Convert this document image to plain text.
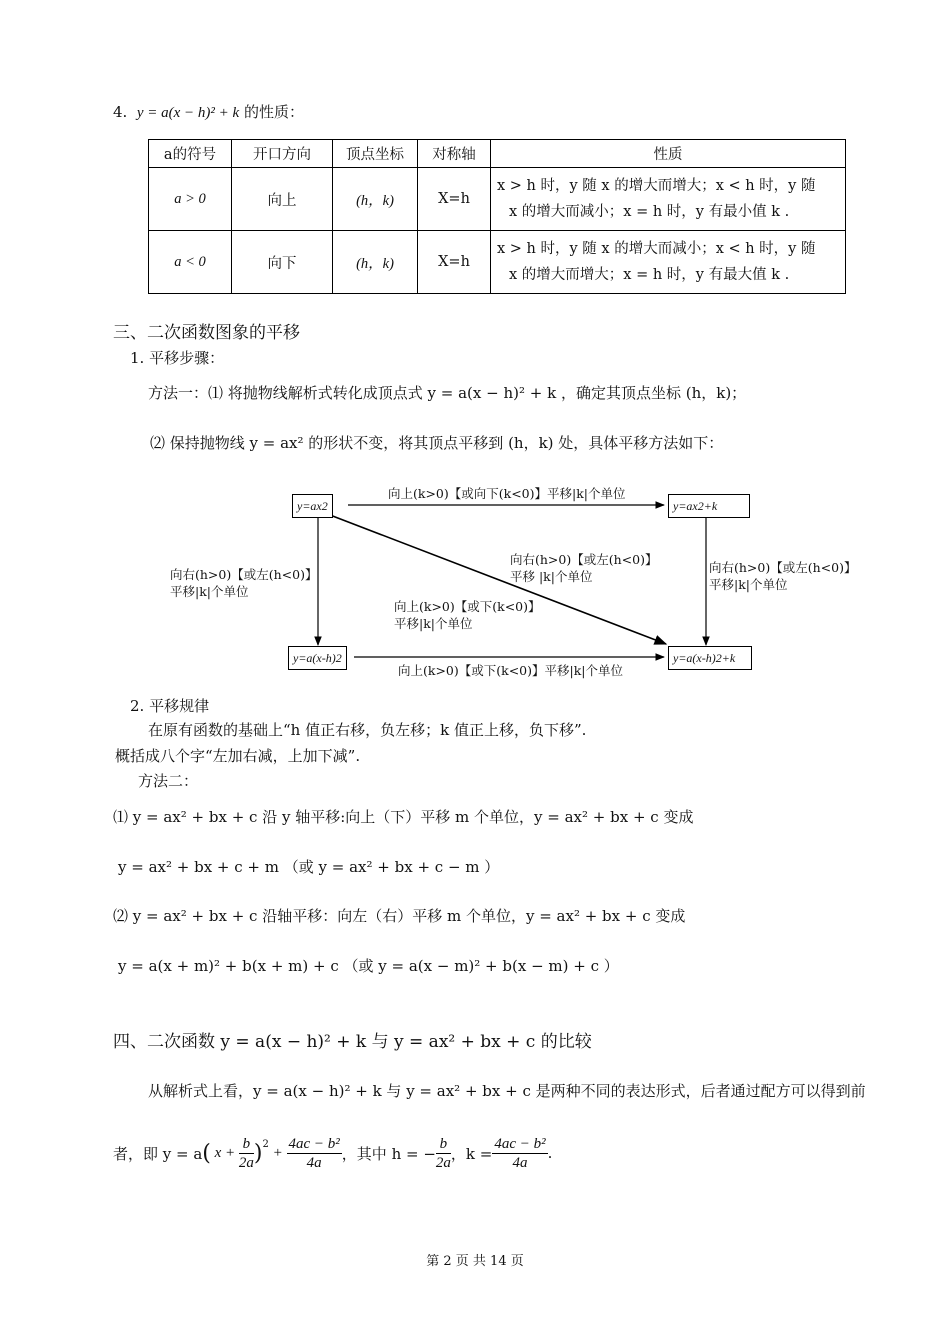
4. y = a(x − h)² + k 的性质：
a的符号	开口方向	顶点坐标	对称轴	性质
a > 0	向上	(h，k)	X=h	x > h 时，y 随 x 的增大而增大；x < h 时，y 随
x 的增大而减小；x = h 时，y 有最小值 k .

a < 0	向下	(h，k)	X=h	x > h 时，y 随 x 的增大而减小；x < h 时，y 随
x 的增大而增大；x = h 时，y 有最大值 k .
三、二次函数图象的平移
1. 平移步骤：
方法一：⑴ 将抛物线解析式转化成顶点式 y = a(x − h)² + k ，确定其顶点坐标 (h，k)；
⑵ 保持抛物线 y = ax² 的形状不变，将其顶点平移到 (h，k) 处，具体平移方法如下：
y=ax2	y=ax2+k
y=a(x-h)2	y=a(x-h)2+k
向上(k>0)【或向下(k<0)】平移|k|个单位
向右(h>0)【或左(h<0)】
平移|k|个单位
向右(h>0)【或左(h<0)】
平移|k|个单位
向右(h>0)【或左(h<0)】
平移 |k|个单位
向上(k>0)【或下(k<0)】
平移|k|个单位
向上(k>0)【或下(k<0)】平移|k|个单位
2. 平移规律
在原有函数的基础上“h 值正右移，负左移；k 值正上移，负下移”.
概括成八个字“左加右减，上加下减”.
方法二：
⑴ y = ax² + bx + c 沿 y 轴平移:向上（下）平移 m 个单位，y = ax² + bx + c 变成
y = ax² + bx + c + m （或 y = ax² + bx + c − m ）
⑵ y = ax² + bx + c 沿轴平移：向左（右）平移 m 个单位，y = ax² + bx + c 变成
y = a(x + m)² + b(x + m) + c （或 y = a(x − m)² + b(x − m) + c ）
四、二次函数 y = a(x − h)² + k 与 y = ax² + bx + c 的比较
从解析式上看，y = a(x − h)² + k 与 y = ax² + bx + c 是两种不同的表达形式，后者通过配方可以得到前
者，即 y = a ( $x + \frac{b}{2a}$ ) 2
+ $\frac{\text{4ac − b²}}{4a}$ ，其中 h = − $\frac{b}{2a}$ ，$k = \frac{\text{4ac − b²}}{4a}$ .
第 2 页 共 14 页
